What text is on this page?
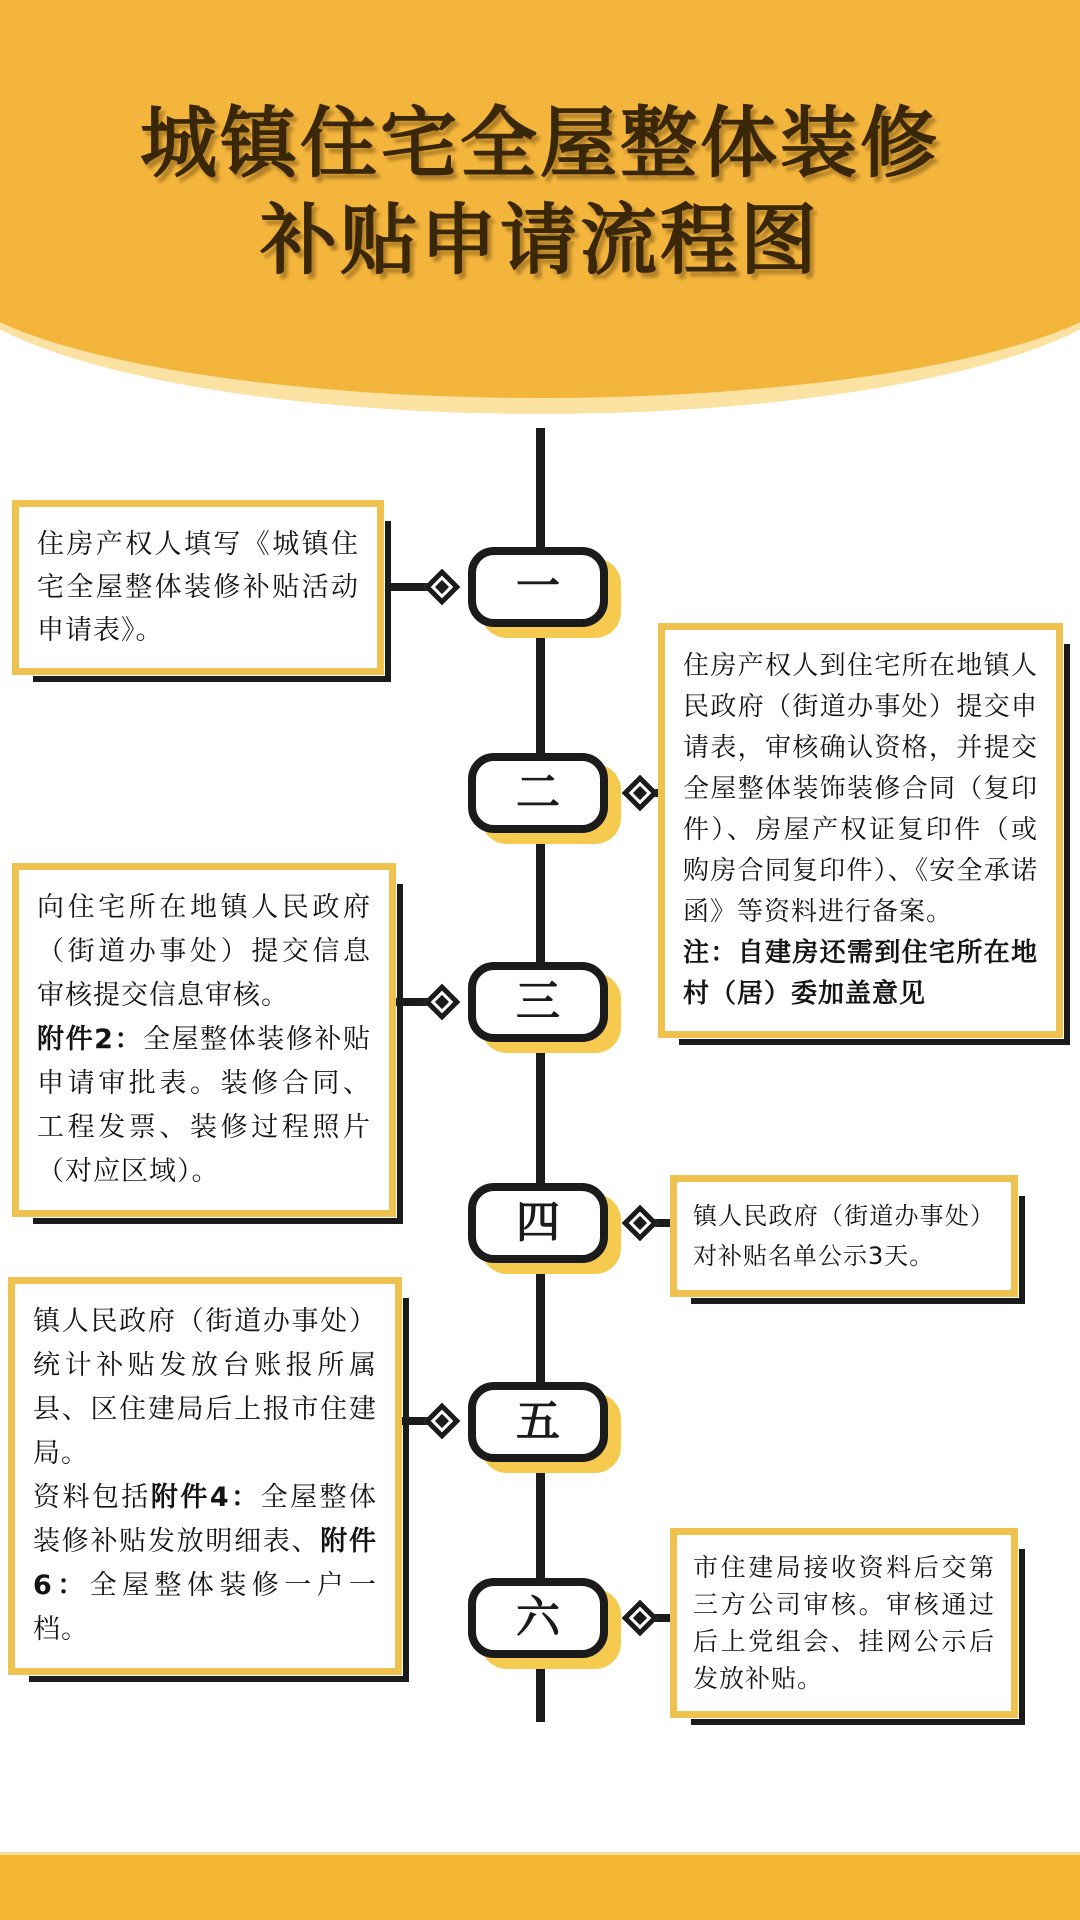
城镇住宅全屋整体装修
补贴申请流程图
一
二
三
四
五
六
住房产权人填写《城镇住宅全屋整体装修补贴活动申请表》。
住房产权人到住宅所在地镇人民政府（街道办事处）提交申请表，审核确认资格，并提交全屋整体装饰装修合同（复印件）、房屋产权证复印件（或购房合同复印件）、《安全承诺函》等资料进行备案。
注：自建房还需到住宅所在地村（居）委加盖意见
向住宅所在地镇人民政府（街道办事处）提交信息审核提交信息审核。
附件2：全屋整体装修补贴申请审批表。装修合同、工程发票、装修过程照片（对应区域）。
镇人民政府（街道办事处）对补贴名单公示3天。
镇人民政府（街道办事处）统计补贴发放台账报所属县、区住建局后上报市住建局。
资料包括附件4：全屋整体装修补贴发放明细表、附件6：全屋整体装修一户一档。
市住建局接收资料后交第三方公司审核。审核通过后上党组会、挂网公示后发放补贴。
